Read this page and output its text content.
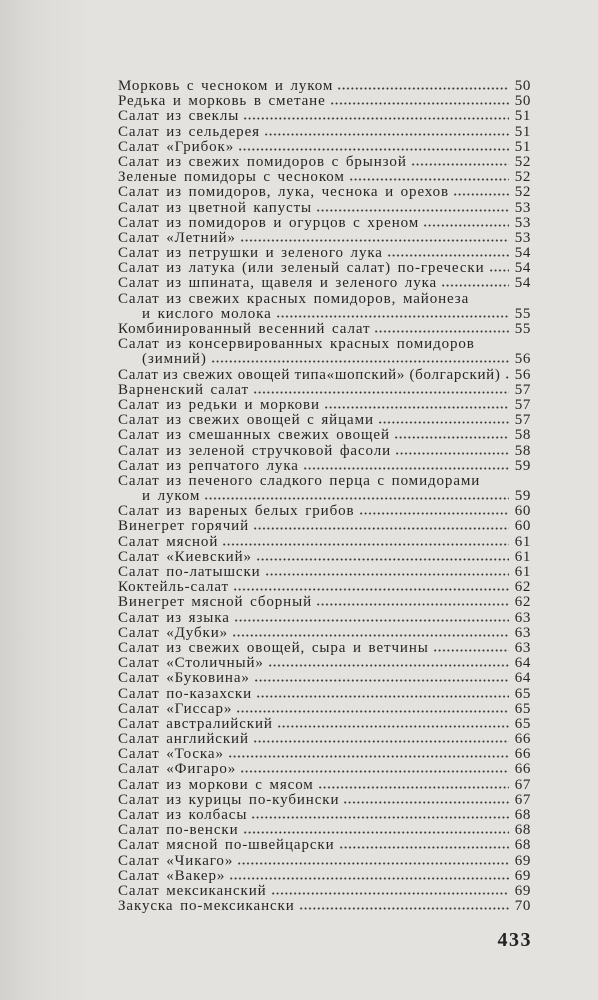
Морковь с чесноком и луком	50
Редька и морковь в сметане	50
Салат из свеклы	51
Салат из сельдерея	51
Салат «Грибок»	51
Салат из свежих помидоров с брынзой	52
Зеленые помидоры с чесноком	52
Салат из помидоров, лука, чеснока и орехов	52
Салат из цветной капусты	53
Салат из помидоров и огурцов с хреном	53
Салат «Летний»	53
Салат из петрушки и зеленого лука	54
Салат из латука (или зеленый салат) по-гречески 54
Салат из шпината, щавеля и зеленого лука	54
Салат из свежих красных помидоров, майонеза
и кислого молока	55
Комбинированный весенний салат	55
Салат из консервированных красных помидоров
(зимний)	56
Салат из свежих овощей типа«шопский» (болгарский) 56
Варненский салат	57
Салат из редьки и моркови	57
Салат из свежих овощей с яйцами	57
Салат из смешанных свежих овощей	58
Салат из зеленой стручковой фасоли	58
Салат из репчатого лука	59
Салат из печеного сладкого перца с помидорами
и луком	59
Салат из вареных белых грибов	60
Винегрет горячий	60
Салат мясной	61
Салат «Киевский»	61
Салат по-латышски	61
Коктейль-салат	62
Винегрет мясной сборный	62
Салат из языка	63
Салат «Дубки»	63
Салат из свежих овощей, сыра и ветчины	63
Салат «Столичный»	64
Салат «Буковина»	64
Салат по-казахски	65
Салат «Гиссар»	65
Салат австралийский	65
Салат английский	66
Салат «Тоска»	66
Салат «Фигаро»	66
Салат из моркови с мясом	67
Салат из курицы по-кубински	67
Салат из колбасы	68
Салат по-венски	68
Салат мясной по-швейцарски	68
Салат «Чикаго»	69
Салат «Вакер»	69
Салат мексиканский	69
Закуска по-мексикански	70
433
